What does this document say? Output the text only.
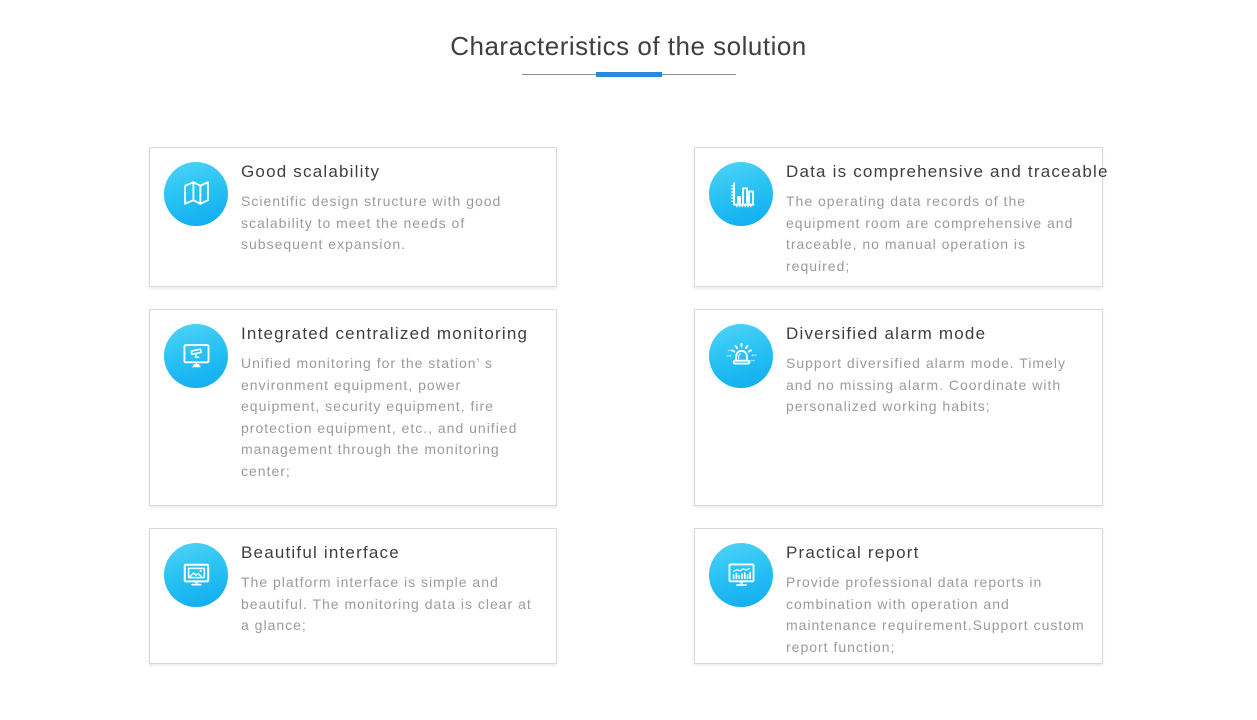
Characteristics of the solution
Good scalability

Scientific design structure with good scalability to meet the needs of subsequent expansion.

Data is comprehensive and traceable

The operating data records of the equipment room are comprehensive and traceable, no manual operation is required;

Integrated centralized monitoring

Unified monitoring for the station’ s environment equipment, power equipment, security equipment, fire protection equipment, etc., and unified management through the monitoring center;

Diversified alarm mode

Support diversified alarm mode. Timely and no missing alarm. Coordinate with personalized working habits;

Beautiful interface

The platform interface is simple and beautiful. The monitoring data is clear at a glance;

Practical report

Provide professional data reports in combination with operation and maintenance requirement.Support custom report function;
